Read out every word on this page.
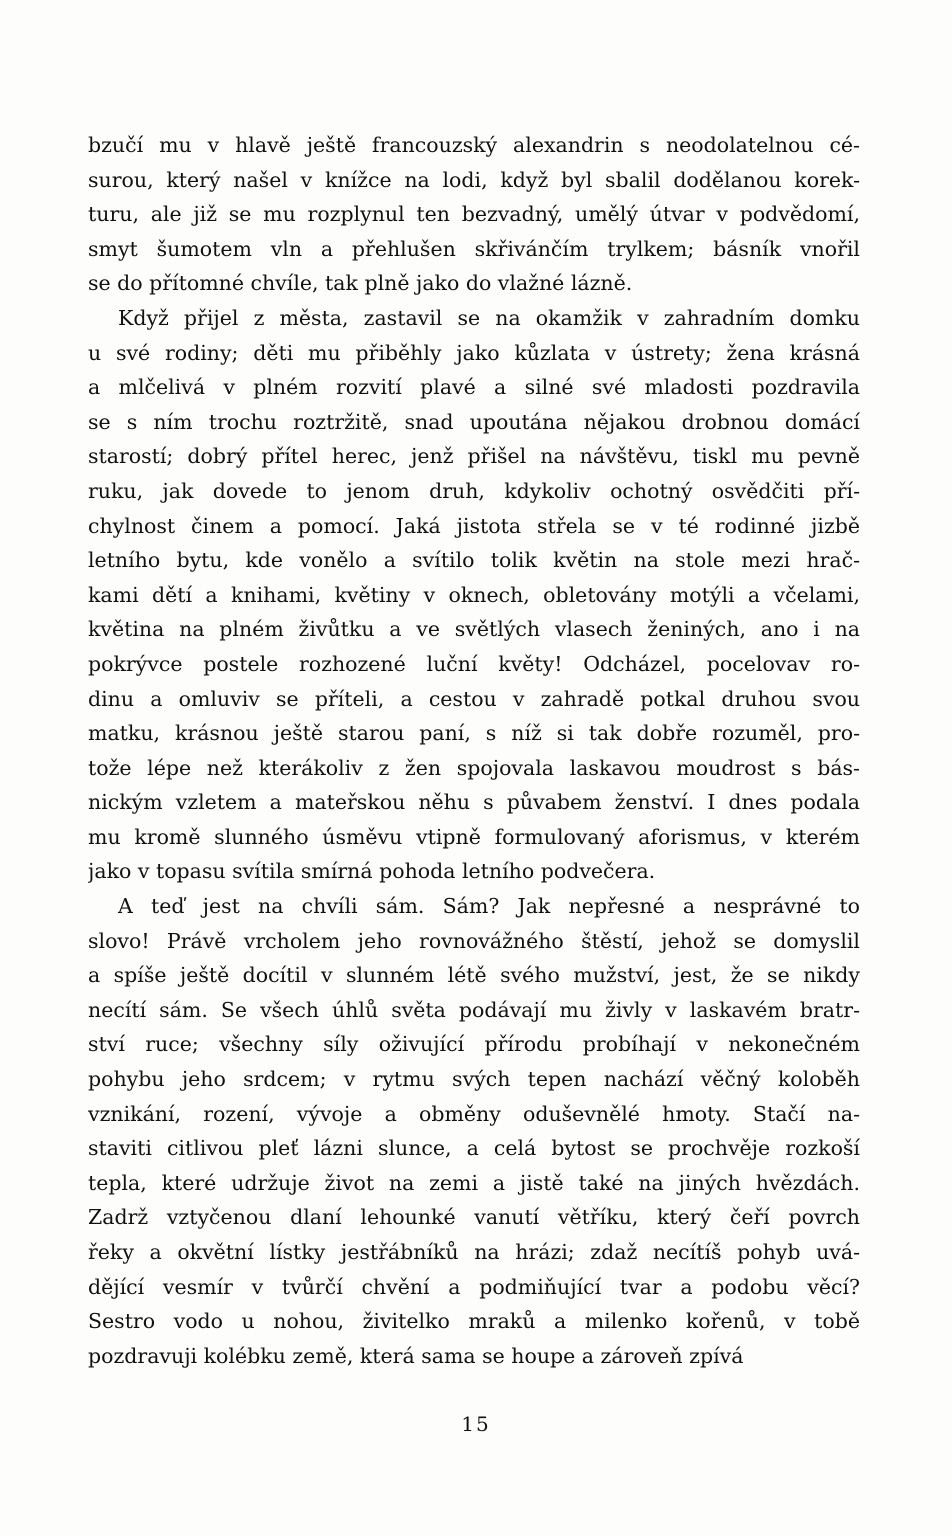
bzučí mu v hlavě ještě francouzský alexandrin s neodolatelnou cé-
surou, který našel v knížce na lodi, když byl sbalil dodělanou korek-
turu, ale již se mu rozplynul ten bezvadný, umělý útvar v podvědomí,
smyt šumotem vln a přehlušen skřivánčím trylkem; básník vnořil
se do přítomné chvíle, tak plně jako do vlažné lázně.
Když přijel z města, zastavil se na okamžik v zahradním domku
u své rodiny; děti mu přiběhly jako kůzlata v ústrety; žena krásná
a mlčelivá v plném rozvití plavé a silné své mladosti pozdravila
se s ním trochu roztržitě, snad upoutána nějakou drobnou domácí
starostí; dobrý přítel herec, jenž přišel na návštěvu, tiskl mu pevně
ruku, jak dovede to jenom druh, kdykoliv ochotný osvědčiti pří-
chylnost činem a pomocí. Jaká jistota střela se v té rodinné jizbě
letního bytu, kde vonělo a svítilo tolik květin na stole mezi hrač-
kami dětí a knihami, květiny v oknech, obletovány motýli a včelami,
květina na plném živůtku a ve světlých vlasech ženiných, ano i na
pokrývce postele rozhozené luční květy! Odcházel, pocelovav ro-
dinu a omluviv se příteli, a cestou v zahradě potkal druhou svou
matku, krásnou ještě starou paní, s níž si tak dobře rozuměl, pro-
tože lépe než kterákoliv z žen spojovala laskavou moudrost s bás-
nickým vzletem a mateřskou něhu s půvabem ženství. I dnes podala
mu kromě slunného úsměvu vtipně formulovaný aforismus, v kterém
jako v topasu svítila smírná pohoda letního podvečera.
A teď jest na chvíli sám. Sám? Jak nepřesné a nesprávné to
slovo! Právě vrcholem jeho rovnovážného štěstí, jehož se domyslil
a spíše ještě docítil v slunném létě svého mužství, jest, že se nikdy
necítí sám. Se všech úhlů světa podávají mu živly v laskavém bratr-
ství ruce; všechny síly oživující přírodu probíhají v nekonečném
pohybu jeho srdcem; v rytmu svých tepen nachází věčný koloběh
vznikání, rození, vývoje a obměny oduševnělé hmoty. Stačí na-
staviti citlivou pleť lázni slunce, a celá bytost se prochvěje rozkoší
tepla, které udržuje život na zemi a jistě také na jiných hvězdách.
Zadrž vztyčenou dlaní lehounké vanutí větříku, který čeří povrch
řeky a okvětní lístky jestřábníků na hrázi; zdaž necítíš pohyb uvá-
dějící vesmír v tvůrčí chvění a podmiňující tvar a podobu věcí?
Sestro vodo u nohou, živitelko mraků a milenko kořenů, v tobě
pozdravuji kolébku země, která sama se houpe a zároveň zpívá
15
